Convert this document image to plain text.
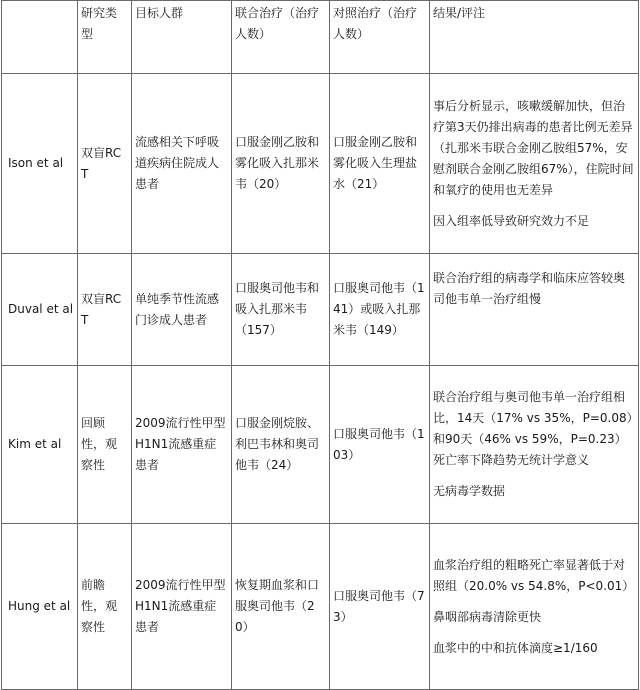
	研究类型	目标人群	联合治疗（治疗人数）	对照治疗（治疗人数）	结果/评注
Ison et al	双盲RCT	流感相关下呼吸道疾病住院成人患者	口服金刚乙胺和雾化吸入扎那米韦（20）	口服金刚乙胺和雾化吸入生理盐水（21）	事后分析显示，咳嗽缓解加快，但治疗第3天仍排出病毒的患者比例无差异（扎那米韦联合金刚乙胺组57%，安慰剂联合金刚乙胺组67%），住院时间和氧疗的使用也无差异

因入组率低导致研究效力不足

Duval et al	双盲RCT	单纯季节性流感门诊成人患者	口服奥司他韦和吸入扎那米韦（157）	口服奥司他韦（141）或吸入扎那米韦（149）	联合治疗组的病毒学和临床应答较奥司他韦单一治疗组慢

Kim et al	回顾性，观察性	2009流行性甲型H1N1流感重症患者	口服金刚烷胺、利巴韦林和奥司他韦（24）	口服奥司他韦（103）	联合治疗组与奥司他韦单一治疗组相比，14天（17% vs 35%，P=0.08）和90天（46% vs 59%，P=0.23）死亡率下降趋势无统计学意义

无病毒学数据

Hung et al	前瞻性，观察性	2009流行性甲型H1N1流感重症患者	恢复期血浆和口服奥司他韦（20）	口服奥司他韦（73）	血浆治疗组的粗略死亡率显著低于对照组（20.0% vs 54.8%，P<0.01）

鼻咽部病毒清除更快

血浆中的中和抗体滴度≥1/160
